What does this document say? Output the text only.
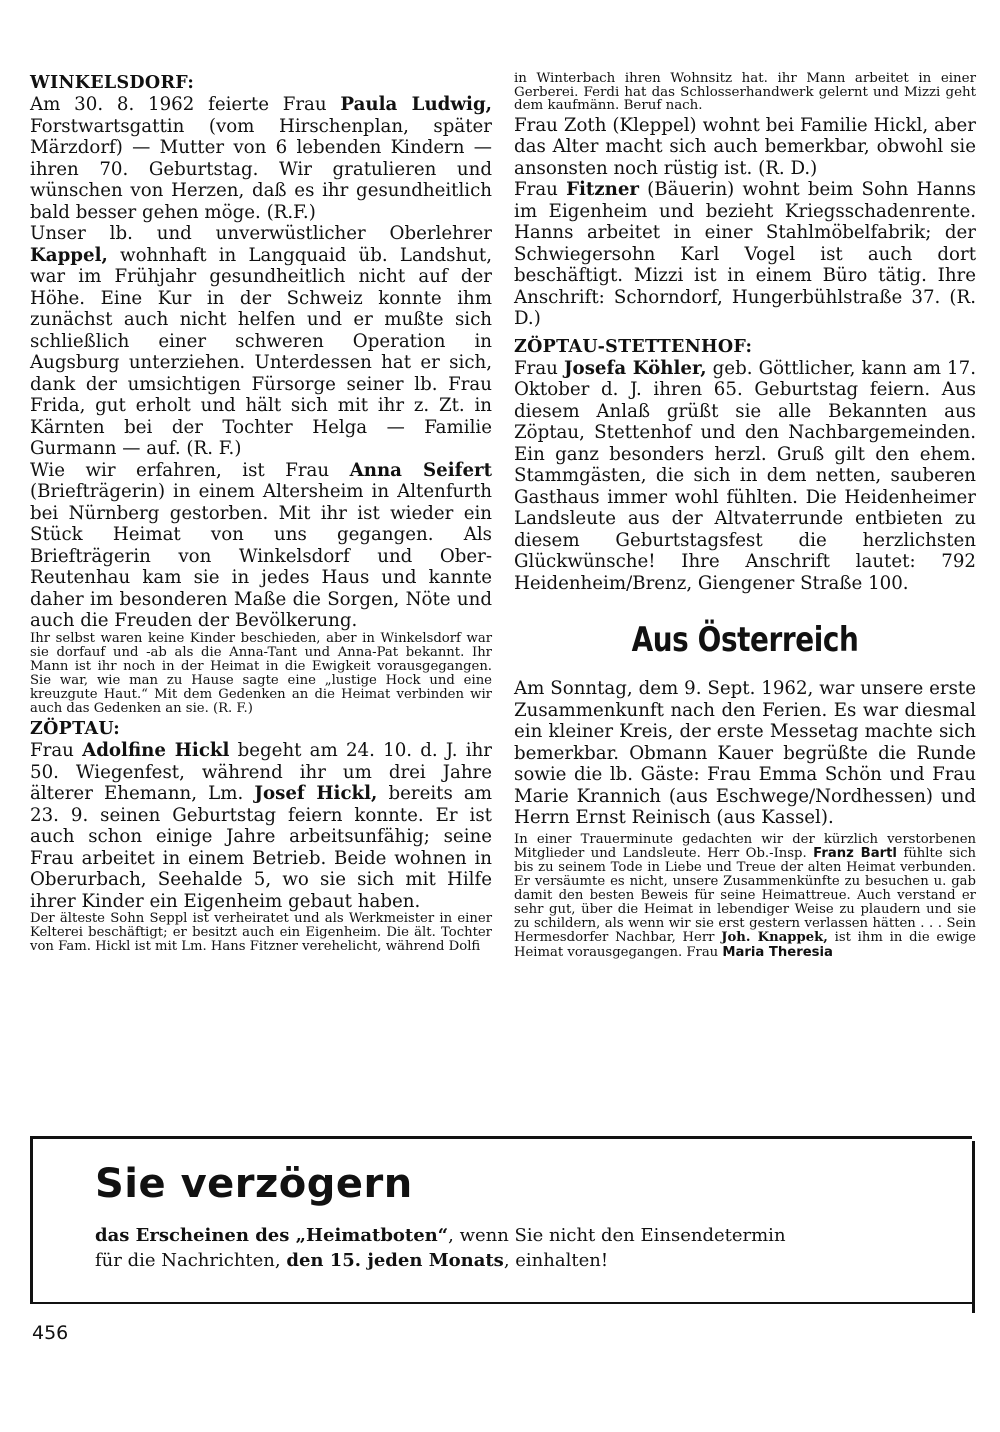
WINKELSDORF:

Am 30. 8. 1962 feierte Frau Paula Ludwig, Forstwartsgattin (vom Hirschenplan, später Märzdorf) — Mutter von 6 lebenden Kindern — ihren 70. Geburtstag. Wir gratulieren und wünschen von Herzen, daß es ihr gesundheitlich bald besser gehen möge. (R.F.)

Unser lb. und unverwüstlicher Oberlehrer Kappel, wohnhaft in Langquaid üb. Landshut, war im Frühjahr gesundheitlich nicht auf der Höhe. Eine Kur in der Schweiz konnte ihm zunächst auch nicht helfen und er mußte sich schließlich einer schweren Operation in Augsburg unterziehen. Unterdessen hat er sich, dank der umsichtigen Fürsorge seiner lb. Frau Frida, gut erholt und hält sich mit ihr z. Zt. in Kärnten bei der Tochter Helga — Familie Gurmann — auf. (R. F.)

Wie wir erfahren, ist Frau Anna Seifert (Briefträgerin) in einem Altersheim in Altenfurth bei Nürnberg gestorben. Mit ihr ist wieder ein Stück Heimat von uns gegangen. Als Briefträgerin von Winkelsdorf und Ober-Reutenhau kam sie in jedes Haus und kannte daher im besonderen Maße die Sorgen, Nöte und auch die Freuden der Bevölkerung.

Ihr selbst waren keine Kinder beschieden, aber in Winkelsdorf war sie dorfauf und -ab als die Anna-Tant und Anna-Pat bekannt. Ihr Mann ist ihr noch in der Heimat in die Ewigkeit vorausgegangen. Sie war, wie man zu Hause sagte eine „lustige Hock und eine kreuzgute Haut.“ Mit dem Gedenken an die Heimat verbinden wir auch das Gedenken an sie. (R. F.)

ZÖPTAU:

Frau Adolfine Hickl begeht am 24. 10. d. J. ihr 50. Wiegenfest, während ihr um drei Jahre älterer Ehemann, Lm. Josef Hickl, bereits am 23. 9. seinen Geburtstag feiern konnte. Er ist auch schon einige Jahre arbeitsunfähig; seine Frau arbeitet in einem Betrieb. Beide wohnen in Oberurbach, Seehalde 5, wo sie sich mit Hilfe ihrer Kinder ein Eigenheim gebaut haben.

Der älteste Sohn Seppl ist verheiratet und als Werkmeister in einer Kelterei beschäftigt; er besitzt auch ein Eigenheim. Die ält. Tochter von Fam. Hickl ist mit Lm. Hans Fitzner verehelicht, während Dolfi

in Winterbach ihren Wohnsitz hat. ihr Mann arbeitet in einer Gerberei. Ferdi hat das Schlosserhandwerk gelernt und Mizzi geht dem kaufmänn. Beruf nach.

Frau Zoth (Kleppel) wohnt bei Familie Hickl, aber das Alter macht sich auch bemerkbar, obwohl sie ansonsten noch rüstig ist. (R. D.)

Frau Fitzner (Bäuerin) wohnt beim Sohn Hanns im Eigenheim und bezieht Kriegsschadenrente. Hanns arbeitet in einer Stahlmöbelfabrik; der Schwiegersohn Karl Vogel ist auch dort beschäftigt. Mizzi ist in einem Büro tätig. Ihre Anschrift: Schorndorf, Hungerbühlstraße 37. (R. D.)

ZÖPTAU-STETTENHOF:

Frau Josefa Köhler, geb. Göttlicher, kann am 17. Oktober d. J. ihren 65. Geburtstag feiern. Aus diesem Anlaß grüßt sie alle Bekannten aus Zöptau, Stettenhof und den Nachbargemeinden. Ein ganz besonders herzl. Gruß gilt den ehem. Stammgästen, die sich in dem netten, sauberen Gasthaus immer wohl fühlten. Die Heidenheimer Landsleute aus der Altvaterrunde entbieten zu diesem Geburtstagsfest die herzlichsten Glückwünsche! Ihre Anschrift lautet: 792 Heidenheim/Brenz, Giengener Straße 100.

Aus Österreich

Am Sonntag, dem 9. Sept. 1962, war unsere erste Zusammenkunft nach den Ferien. Es war diesmal ein kleiner Kreis, der erste Messetag machte sich bemerkbar. Obmann Kauer begrüßte die Runde sowie die lb. Gäste: Frau Emma Schön und Frau Marie Krannich (aus Eschwege/Nordhessen) und Herrn Ernst Reinisch (aus Kassel).

In einer Trauerminute gedachten wir der kürzlich verstorbenen Mitglieder und Landsleute. Herr Ob.-Insp. Franz Bartl fühlte sich bis zu seinem Tode in Liebe und Treue der alten Heimat verbunden. Er versäumte es nicht, unsere Zusammenkünfte zu besuchen u. gab damit den besten Beweis für seine Heimattreue. Auch verstand er sehr gut, über die Heimat in lebendiger Weise zu plaudern und sie zu schildern, als wenn wir sie erst gestern verlassen hätten . . . Sein Hermesdorfer Nachbar, Herr Joh. Knappek, ist ihm in die ewige Heimat vorausgegangen. Frau Maria Theresia

Sie verzögern

das Erscheinen des „Heimatboten“, wenn Sie nicht den Einsendetermin

für die Nachrichten, den 15. jeden Monats, einhalten!

456
